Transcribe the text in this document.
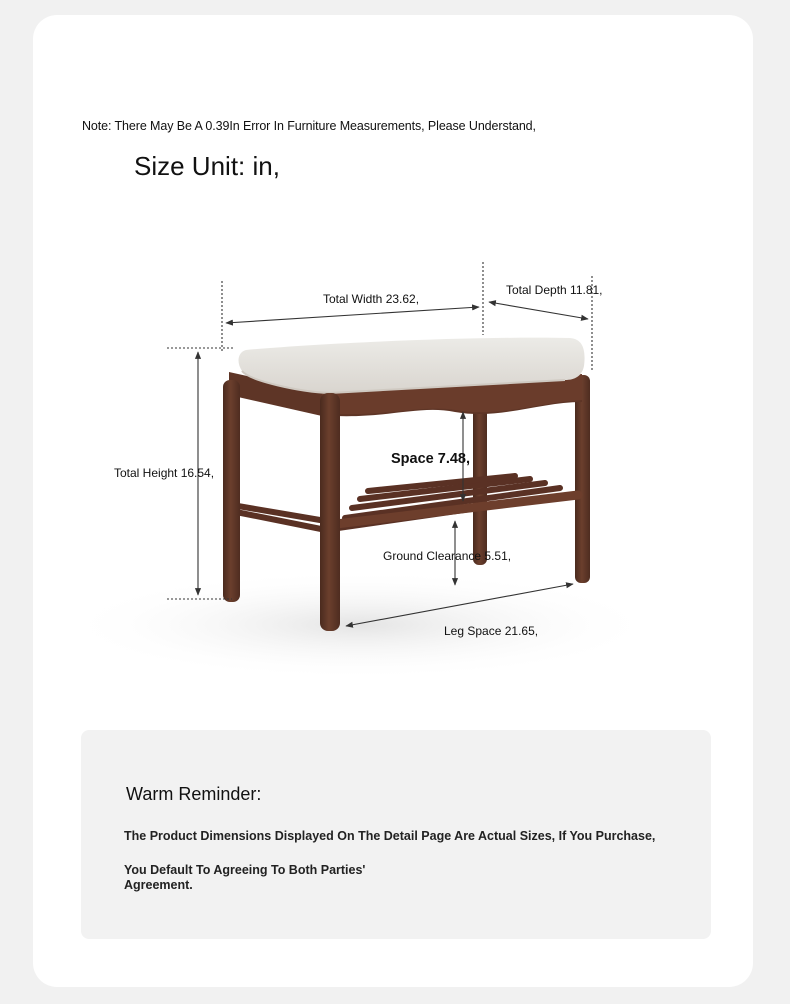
Note: There May Be A 0.39In Error In Furniture Measurements, Please Understand,
Size Unit: in,
Total Width 23.62,
Total Depth 11.81,
Total Height 16.54,
Space 7.48,
Ground Clearance 5.51,
Leg Space 21.65,
Warm Reminder:
The Product Dimensions Displayed On The Detail Page Are Actual Sizes, If You Purchase,
You Default To Agreeing To Both Parties' Agreement.
